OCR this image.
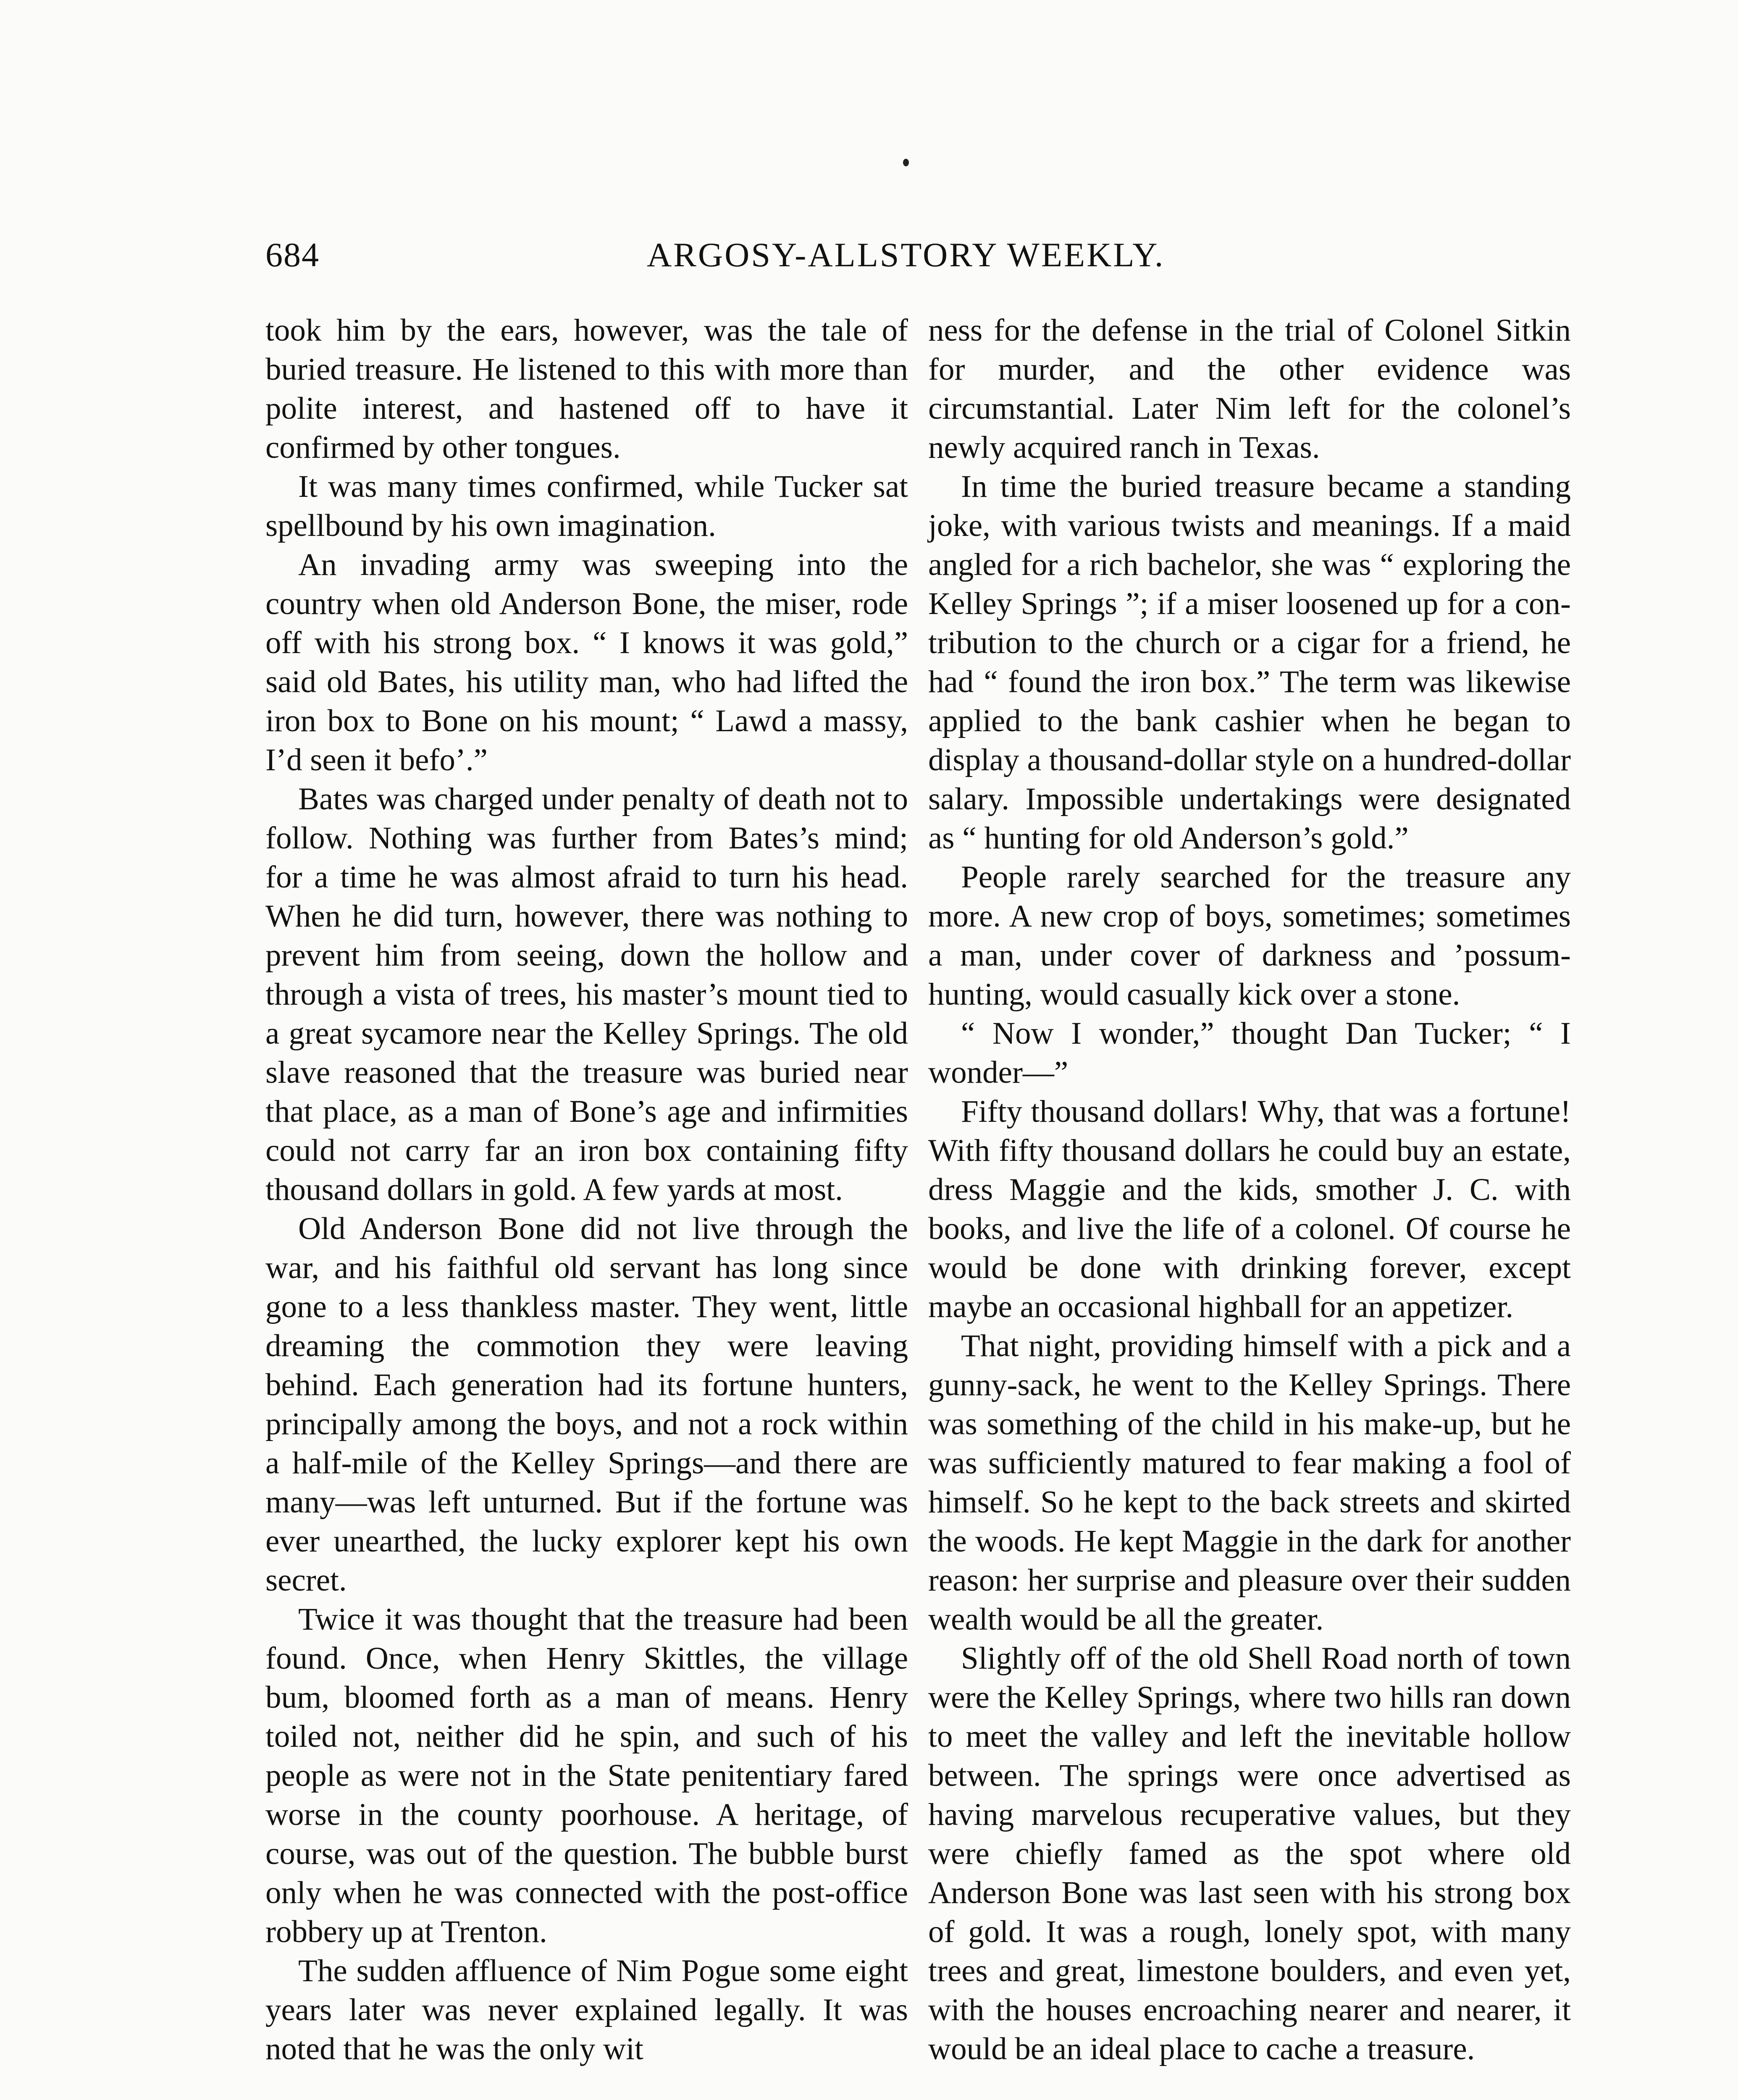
684	ARGOSY-ALLSTORY WEEKLY.

took him by the ears, however, was the tale of buried treasure. He listened to this with more than polite interest, and hastened off to have it confirmed by other tongues.

It was many times confirmed, while Tucker sat spellbound by his own imagination.

An invading army was sweeping into the country when old Anderson Bone, the miser, rode off with his strong box. “ I knows it was gold,” said old Bates, his utility man, who had lifted the iron box to Bone on his mount; “ Lawd a massy, I’d seen it befo’.”

Bates was charged under penalty of death not to follow. Nothing was further from Bates’s mind; for a time he was almost afraid to turn his head. When he did turn, however, there was nothing to prevent him from seeing, down the hollow and through a vista of trees, his master’s mount tied to a great sycamore near the Kelley Springs. The old slave reasoned that the treasure was buried near that place, as a man of Bone’s age and infirmities could not carry far an iron box containing fifty thousand dollars in gold. A few yards at most.

Old Anderson Bone did not live through the war, and his faithful old servant has long since gone to a less thankless master. They went, little dreaming the commotion they were leaving behind. Each generation had its fortune hunters, principally among the boys, and not a rock within a half-mile of the Kelley Springs—and there are many—was left unturned. But if the fortune was ever unearthed, the lucky explorer kept his own secret.

Twice it was thought that the treasure had been found. Once, when Henry Skittles, the village bum, bloomed forth as a man of means. Henry toiled not, neither did he spin, and such of his people as were not in the State penitentiary fared worse in the county poorhouse. A heritage, of course, was out of the question. The bubble burst only when he was connected with the post-office robbery up at Trenton.

The sudden affluence of Nim Pogue some eight years later was never explained legally. It was noted that he was the only wit

ness for the defense in the trial of Colonel Sitkin for murder, and the other evidence was circumstantial. Later Nim left for the colonel’s newly acquired ranch in Texas.

In time the buried treasure became a standing joke, with various twists and meanings. If a maid angled for a rich bachelor, she was “ exploring the Kelley Springs ”; if a miser loosened up for a contribution to the church or a cigar for a friend, he had “ found the iron box.” The term was likewise applied to the bank cashier when he began to display a thousand-dollar style on a hundred-dollar salary. Impossible undertakings were designated as “ hunting for old Anderson’s gold.”

People rarely searched for the treasure any more. A new crop of boys, sometimes; sometimes a man, under cover of darkness and ’possum-hunting, would casually kick over a stone.

“ Now I wonder,” thought Dan Tucker; “ I wonder—”

Fifty thousand dollars! Why, that was a fortune! With fifty thousand dollars he could buy an estate, dress Maggie and the kids, smother J. C. with books, and live the life of a colonel. Of course he would be done with drinking forever, except maybe an occasional highball for an appetizer.

That night, providing himself with a pick and a gunny-sack, he went to the Kelley Springs. There was something of the child in his make-up, but he was sufficiently matured to fear making a fool of himself. So he kept to the back streets and skirted the woods. He kept Maggie in the dark for another reason: her surprise and pleasure over their sudden wealth would be all the greater.

Slightly off of the old Shell Road north of town were the Kelley Springs, where two hills ran down to meet the valley and left the inevitable hollow between. The springs were once advertised as having marvelous recuperative values, but they were chiefly famed as the spot where old Anderson Bone was last seen with his strong box of gold. It was a rough, lonely spot, with many trees and great, limestone boulders, and even yet, with the houses encroaching nearer and nearer, it would be an ideal place to cache a treasure.
